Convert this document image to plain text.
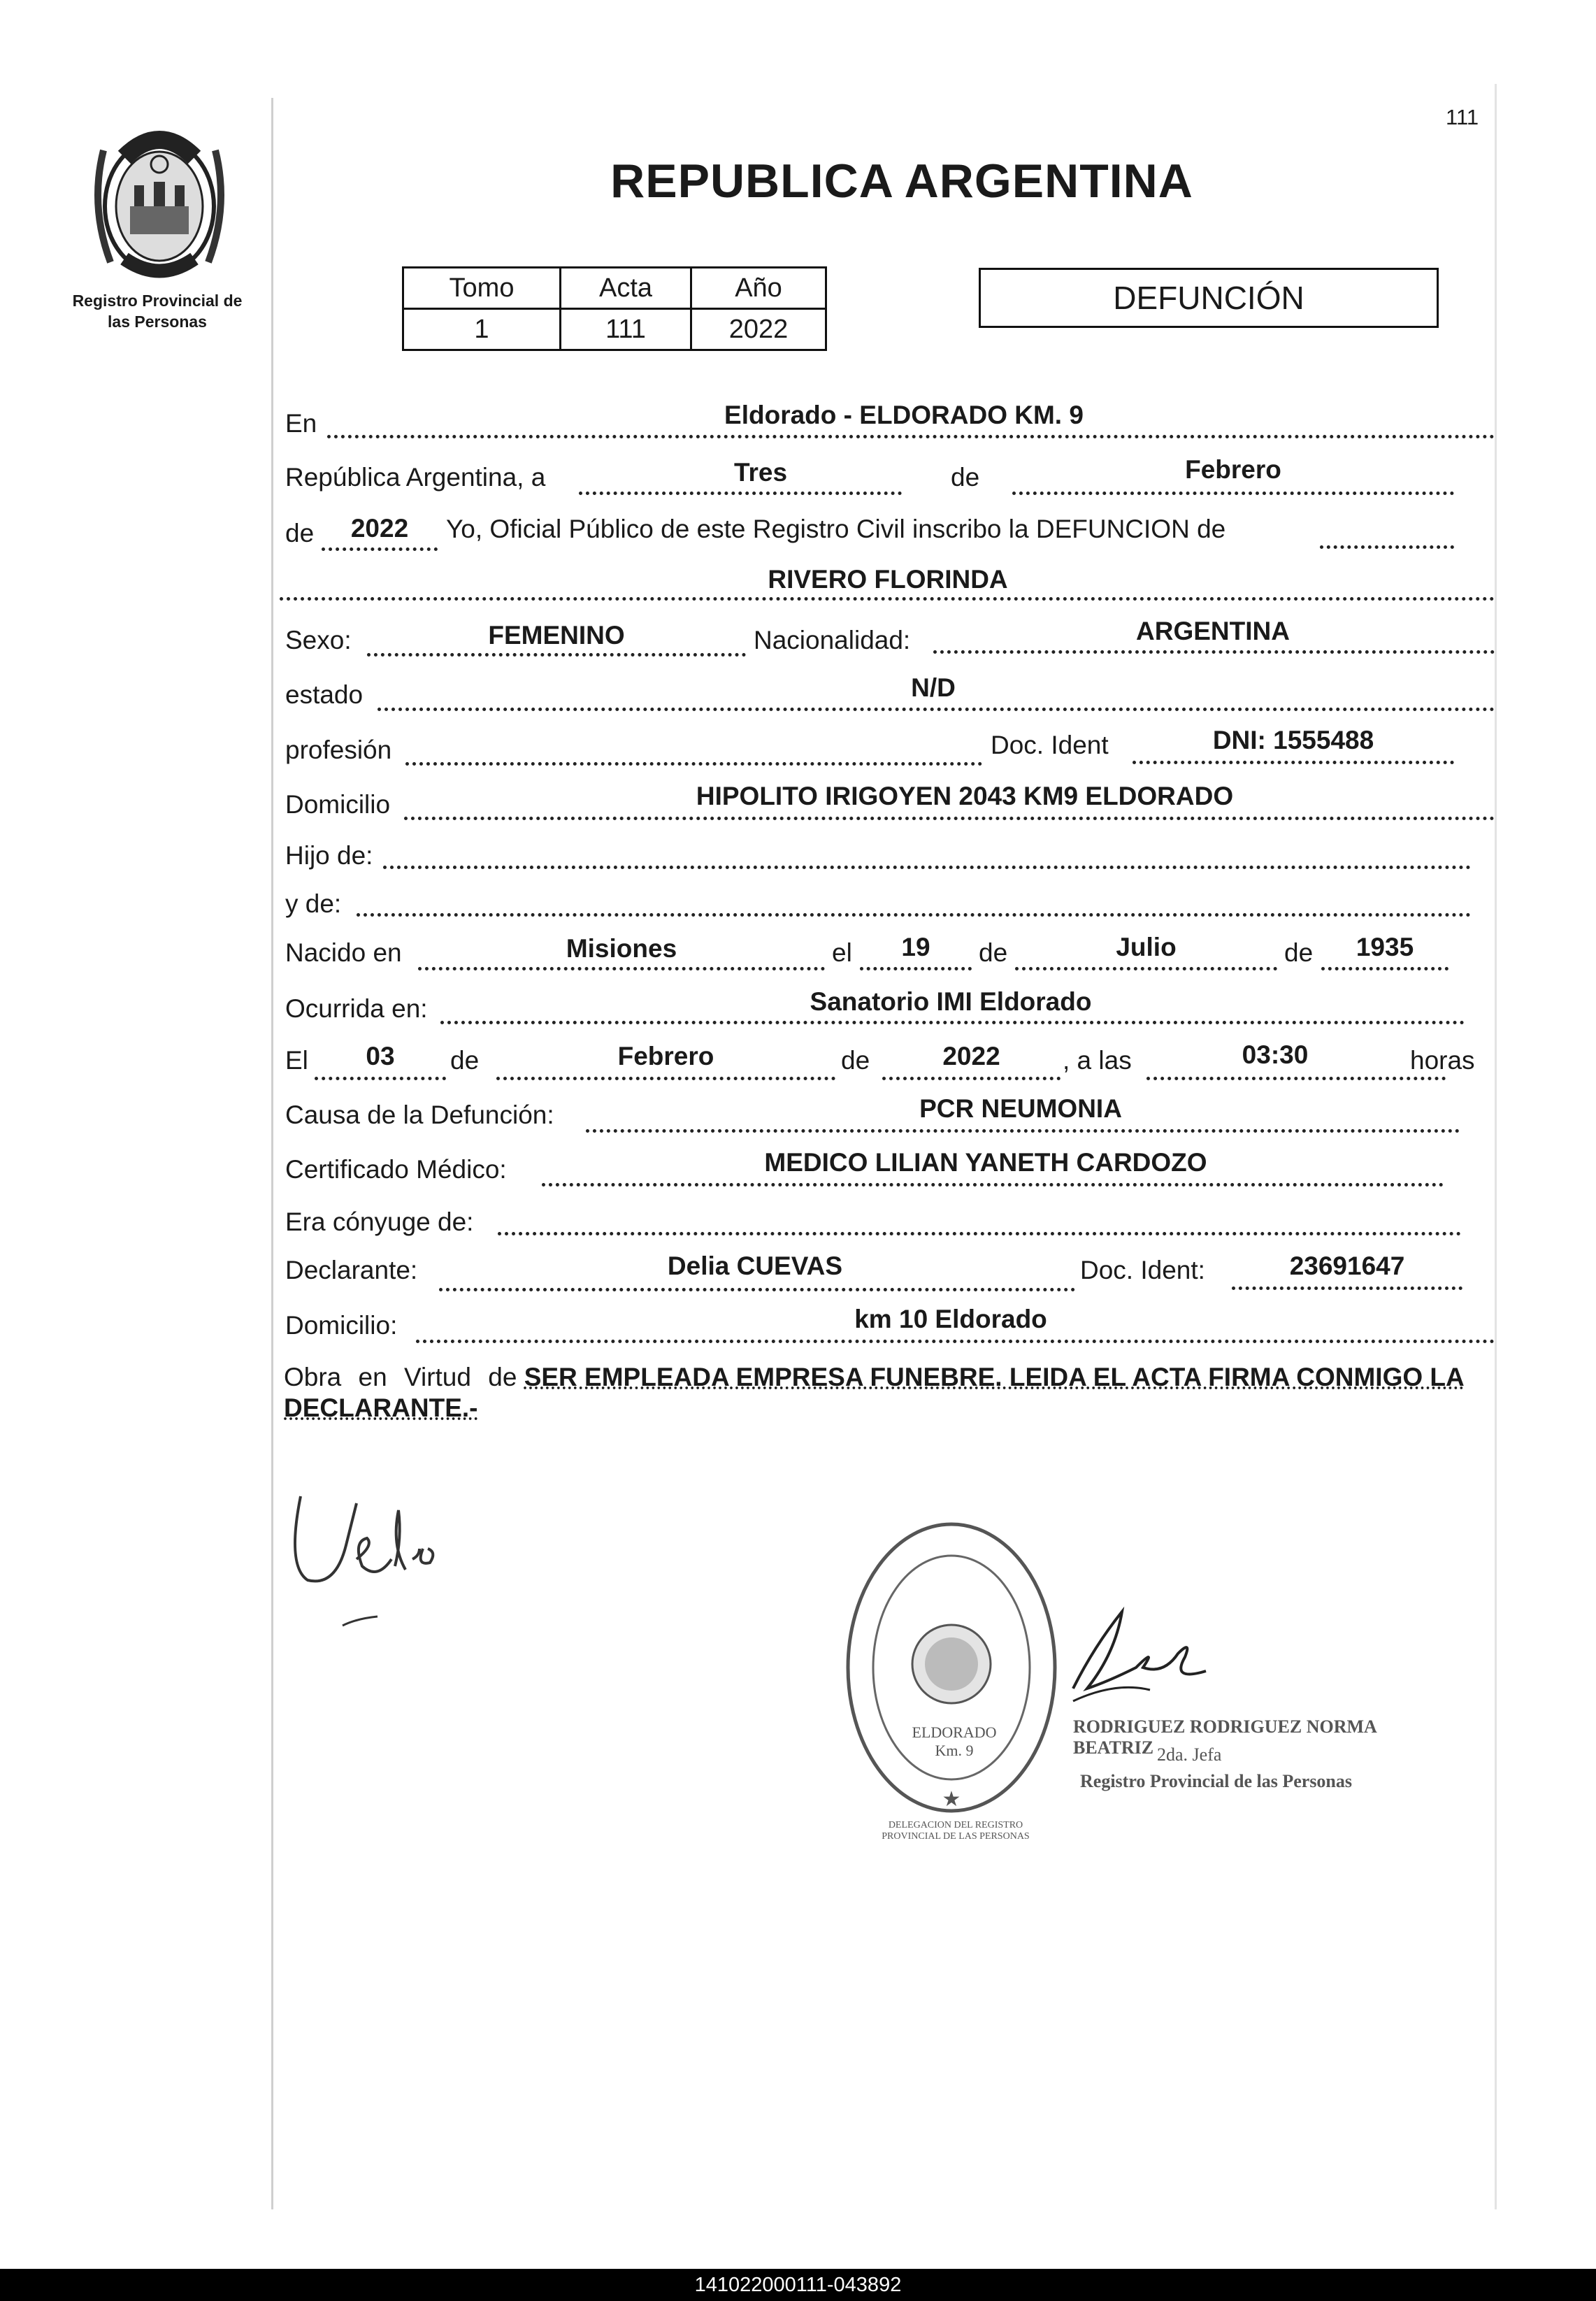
111
Registro Provincial de
las Personas
REPUBLICA ARGENTINA
Tomo	Acta	Año
1	111	2022
DEFUNCIÓN
En	Eldorado - ELDORADO KM. 9
República Argentina, a	Tres	de	Febrero
de	2022	Yo, Oficial Público de este Registro Civil inscribo la DEFUNCION de
RIVERO FLORINDA
Sexo:	FEMENINO	Nacionalidad:	ARGENTINA
estado	N/D
profesión	Doc. Ident	DNI: 1555488
Domicilio	HIPOLITO IRIGOYEN 2043 KM9 ELDORADO
Hijo de:
y de:
Nacido en	Misiones	el	19	de	Julio	de	1935
Ocurrida en:	Sanatorio IMI Eldorado
El	03	de	Febrero	de	2022	, a las	03:30	horas
Causa de la Defunción:	PCR NEUMONIA
Certificado Médico:	MEDICO LILIAN YANETH CARDOZO
Era cónyuge de:
Declarante:	Delia CUEVAS	Doc. Ident:	23691647
Domicilio:	km 10 Eldorado
Obra en Virtud de SER EMPLEADA EMPRESA FUNEBRE. LEIDA EL ACTA FIRMA CONMIGO LA DECLARANTE.-
★
DELEGACION DEL REGISTRO PROVINCIAL DE LAS PERSONAS
ELDORADO Km. 9
RODRIGUEZ RODRIGUEZ NORMA BEATRIZ 2da. Jefa
Registro Provincial de las Personas
141022000111-043892
